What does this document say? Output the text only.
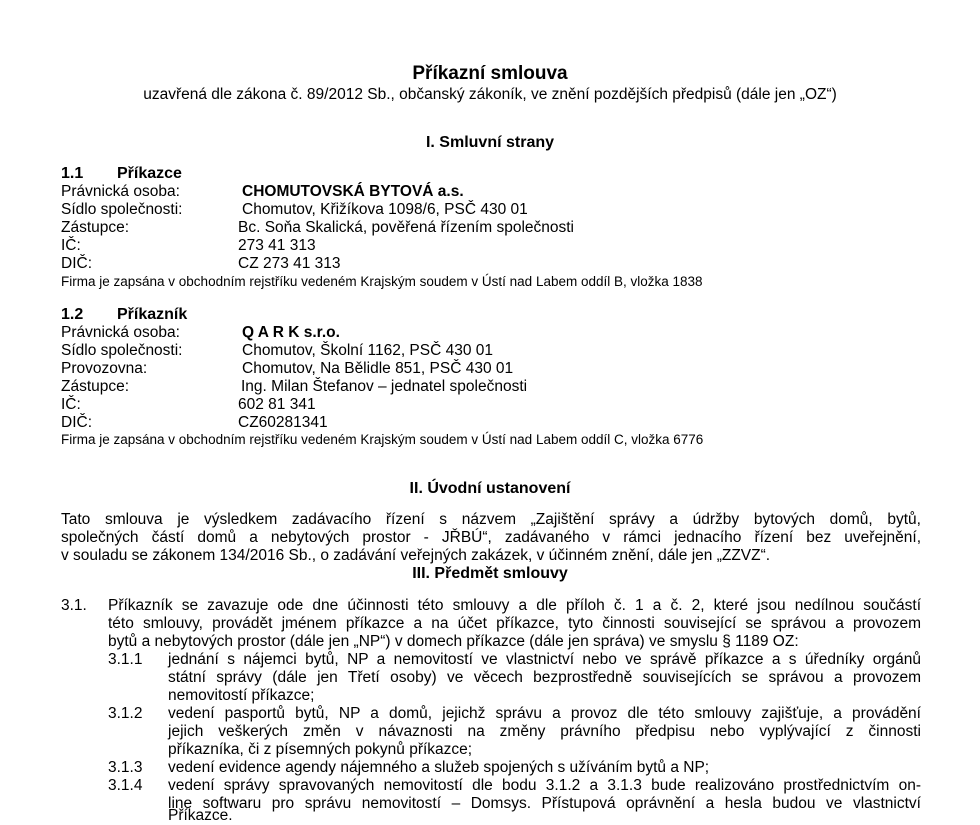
Příkazní smlouva
uzavřená dle zákona č. 89/2012 Sb., občanský zákoník, ve znění pozdějších předpisů (dále jen „OZ“)
I. Smluvní strany
1.1 Příkazce
Právnická osoba:	CHOMUTOVSKÁ BYTOVÁ a.s.
Sídlo společnosti:	Chomutov, Křižíkova 1098/6, PSČ 430 01
Zástupce:	Bc. Soňa Skalická, pověřená řízením společnosti
IČ:	273 41 313
DIČ:	CZ 273 41 313
Firma je zapsána v obchodním rejstříku vedeném Krajským soudem v Ústí nad Labem oddíl B, vložka 1838
1.2 Příkazník
Právnická osoba:	Q A R K s.r.o.
Sídlo společnosti:	Chomutov, Školní 1162, PSČ 430 01
Provozovna:	Chomutov, Na Bělidle 851, PSČ 430 01
Zástupce:	Ing. Milan Štefanov – jednatel společnosti
IČ:	602 81 341
DIČ:	CZ60281341
Firma je zapsána v obchodním rejstříku vedeném Krajským soudem v Ústí nad Labem oddíl C, vložka 6776
II. Úvodní ustanovení
Tato smlouva je výsledkem zadávacího řízení s názvem „Zajištění správy a údržby bytových domů, bytů,
společných částí domů a nebytových prostor - JŘBÚ“, zadávaného v rámci jednacího řízení bez uveřejnění,
v souladu se zákonem 134/2016 Sb., o zadávání veřejných zakázek, v účinném znění, dále jen „ZZVZ“.
III. Předmět smlouvy
3.1. Příkazník se zavazuje ode dne účinnosti této smlouvy a dle příloh č. 1 a č. 2, které jsou nedílnou součástí
této smlouvy, provádět jménem příkazce a na účet příkazce, tyto činnosti související se správou a provozem
bytů a nebytových prostor (dále jen „NP“) v domech příkazce (dále jen správa) ve smyslu § 1189 OZ:
3.1.1 jednání s nájemci bytů, NP a nemovitostí ve vlastnictví nebo ve správě příkazce a s úředníky orgánů
státní správy (dále jen Třetí osoby) ve věcech bezprostředně souvisejících se správou a provozem
nemovitostí příkazce;
3.1.2 vedení pasportů bytů, NP a domů, jejichž správu a provoz dle této smlouvy zajišťuje, a provádění
jejich veškerých změn v návaznosti na změny právního předpisu nebo vyplývající z činnosti
příkazníka, či z písemných pokynů příkazce;
3.1.3 vedení evidence agendy nájemného a služeb spojených s užíváním bytů a NP;
3.1.4 vedení správy spravovaných nemovitostí dle bodu 3.1.2 a 3.1.3 bude realizováno prostřednictvím on-
line softwaru pro správu nemovitostí – Domsys. Přístupová oprávnění a hesla budou ve vlastnictví
Příkazce.
